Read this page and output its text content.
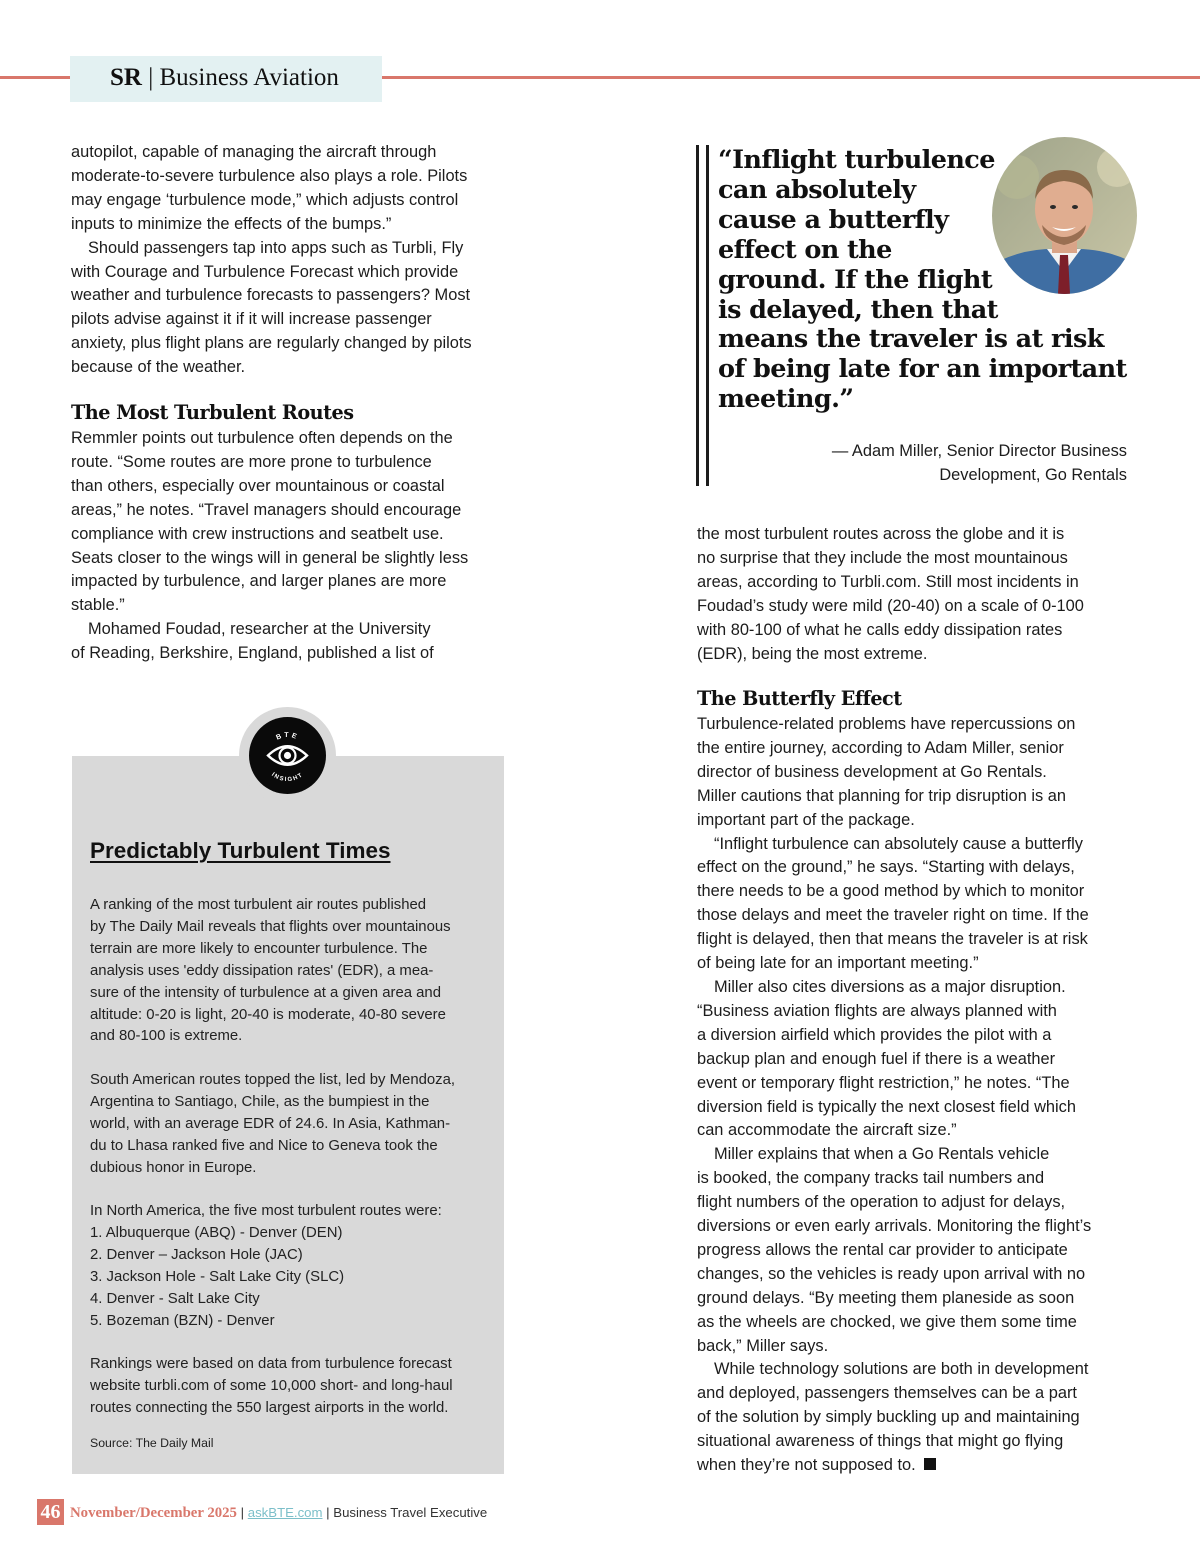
SR | Business Aviation

autopilot, capable of managing the aircraft through

moderate-to-severe turbulence also plays a role. Pilots

may engage ‘turbulence mode,” which adjusts control

inputs to minimize the effects of the bumps.”

Should passengers tap into apps such as Turbli, Fly

with Courage and Turbulence Forecast which provide

weather and turbulence forecasts to passengers? Most

pilots advise against it if it will increase passenger

anxiety, plus flight plans are regularly changed by pilots

because of the weather.

The Most Turbulent Routes

Remmler points out turbulence often depends on the

route. “Some routes are more prone to turbulence

than others, especially over mountainous or coastal

areas,” he notes. “Travel managers should encourage

compliance with crew instructions and seatbelt use.

Seats closer to the wings will in general be slightly less

impacted by turbulence, and larger planes are more

stable.”

Mohamed Foudad, researcher at the University

of Reading, Berkshire, England, published a list of

“Inflight turbulence

can absolutely

cause a butterfly

effect on the

ground. If the flight

is delayed, then that

means the traveler is at risk

of being late for an important

meeting.”

— Adam Miller, Senior Director Business

Development, Go Rentals

the most turbulent routes across the globe and it is

no surprise that they include the most mountainous

areas, according to Turbli.com. Still most incidents in

Foudad’s study were mild (20-40) on a scale of 0-100

with 80-100 of what he calls eddy dissipation rates

(EDR), being the most extreme.

The Butterfly Effect

Turbulence-related problems have repercussions on

the entire journey, according to Adam Miller, senior

director of business development at Go Rentals.

Miller cautions that planning for trip disruption is an

important part of the package.

“Inflight turbulence can absolutely cause a butterfly

effect on the ground,” he says. “Starting with delays,

there needs to be a good method by which to monitor

those delays and meet the traveler right on time. If the

flight is delayed, then that means the traveler is at risk

of being late for an important meeting.”

Miller also cites diversions as a major disruption.

“Business aviation flights are always planned with

a diversion airfield which provides the pilot with a

backup plan and enough fuel if there is a weather

event or temporary flight restriction,” he notes. “The

diversion field is typically the next closest field which

can accommodate the aircraft size.”

Miller explains that when a Go Rentals vehicle

is booked, the company tracks tail numbers and

flight numbers of the operation to adjust for delays,

diversions or even early arrivals. Monitoring the flight’s

progress allows the rental car provider to anticipate

changes, so the vehicles is ready upon arrival with no

ground delays. “By meeting them planeside as soon

as the wheels are chocked, we give them some time

back,” Miller says.

While technology solutions are both in development

and deployed, passengers themselves can be a part

of the solution by simply buckling up and maintaining

situational awareness of things that might go flying

when they’re not supposed to.

BTE
INSIGHT
Predictably Turbulent Times

A ranking of the most turbulent air routes published

by The Daily Mail reveals that flights over mountainous

terrain are more likely to encounter turbulence. The

analysis uses 'eddy dissipation rates' (EDR), a mea-

sure of the intensity of turbulence at a given area and

altitude: 0-20 is light, 20-40 is moderate, 40-80 severe

and 80-100 is extreme.

South American routes topped the list, led by Mendoza,

Argentina to Santiago, Chile, as the bumpiest in the

world, with an average EDR of 24.6. In Asia, Kathman-

du to Lhasa ranked five and Nice to Geneva took the

dubious honor in Europe.

In North America, the five most turbulent routes were:

1. Albuquerque (ABQ) - Denver (DEN)

2. Denver – Jackson Hole (JAC)

3. Jackson Hole - Salt Lake City (SLC)

4. Denver - Salt Lake City

5. Bozeman (BZN) - Denver

Rankings were based on data from turbulence forecast

website turbli.com of some 10,000 short- and long-haul

routes connecting the 550 largest airports in the world.

Source: The Daily Mail
46 November/December 2025 | askBTE.com | Business Travel Executive
